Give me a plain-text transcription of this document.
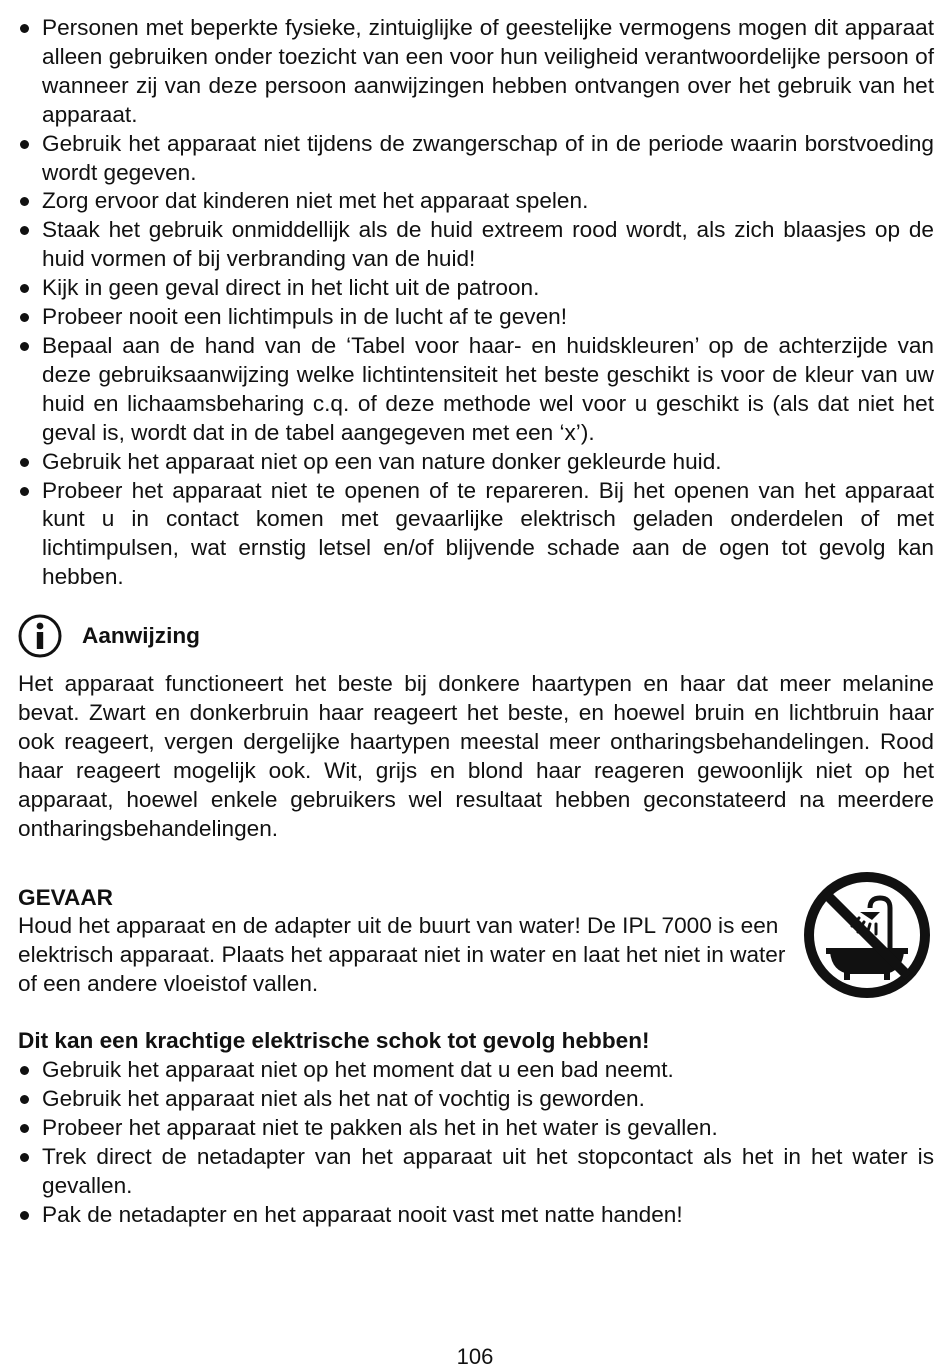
Personen met beperkte fysieke, zintuiglijke of geestelijke vermogens mogen dit apparaat alleen gebruiken onder toezicht van een voor hun veiligheid verantwoordelijke persoon of wanneer zij van deze persoon aanwijzingen hebben ontvangen over het gebruik van het apparaat.
Gebruik het apparaat niet tijdens de zwangerschap of in de periode waarin borstvoeding wordt gegeven.
Zorg ervoor dat kinderen niet met het apparaat spelen.
Staak het gebruik onmiddellijk als de huid extreem rood wordt, als zich blaasjes op de huid vormen of bij verbranding van de huid!
Kijk in geen geval direct in het licht uit de patroon.
Probeer nooit een lichtimpuls in de lucht af te geven!
Bepaal aan de hand van de ‘Tabel voor haar- en huidskleuren’ op de achterzijde van deze gebruiksaanwijzing welke lichtintensiteit het beste geschikt is voor de kleur van uw huid en lichaamsbeharing c.q. of deze methode wel voor u geschikt is (als dat niet het geval is, wordt dat in de tabel aangegeven met een ‘x’).
Gebruik het apparaat niet op een van nature donker gekleurde huid.
Probeer het apparaat niet te openen of te repareren. Bij het openen van het apparaat kunt u in contact komen met gevaarlijke elektrisch geladen onderdelen of met lichtimpulsen, wat ernstig letsel en/of blijvende schade aan de ogen tot gevolg kan hebben.
Aanwijzing

Het apparaat functioneert het beste bij donkere haartypen en haar dat meer melanine bevat. Zwart en donkerbruin haar reageert het beste, en hoewel bruin en lichtbruin haar ook reageert, vergen dergelijke haartypen meestal meer ontharingsbehandelingen. Rood haar reageert mogelijk ook. Wit, grijs en blond haar reageren gewoonlijk niet op het apparaat, hoewel enkele gebruikers wel resultaat hebben geconstateerd na meerdere ontharingsbehandelingen.

GEVAAR
Houd het apparaat en de adapter uit de buurt van water! De IPL 7000 is een elektrisch apparaat. Plaats het apparaat niet in water en laat het niet in water of een andere vloeistof vallen.
Dit kan een krachtige elektrische schok tot gevolg hebben!
Gebruik het apparaat niet op het moment dat u een bad neemt.
Gebruik het apparaat niet als het nat of vochtig is geworden.
Probeer het apparaat niet te pakken als het in het water is gevallen.
Trek direct de netadapter van het apparaat uit het stopcontact als het in het water is gevallen.
Pak de netadapter en het apparaat nooit vast met natte handen!
106
